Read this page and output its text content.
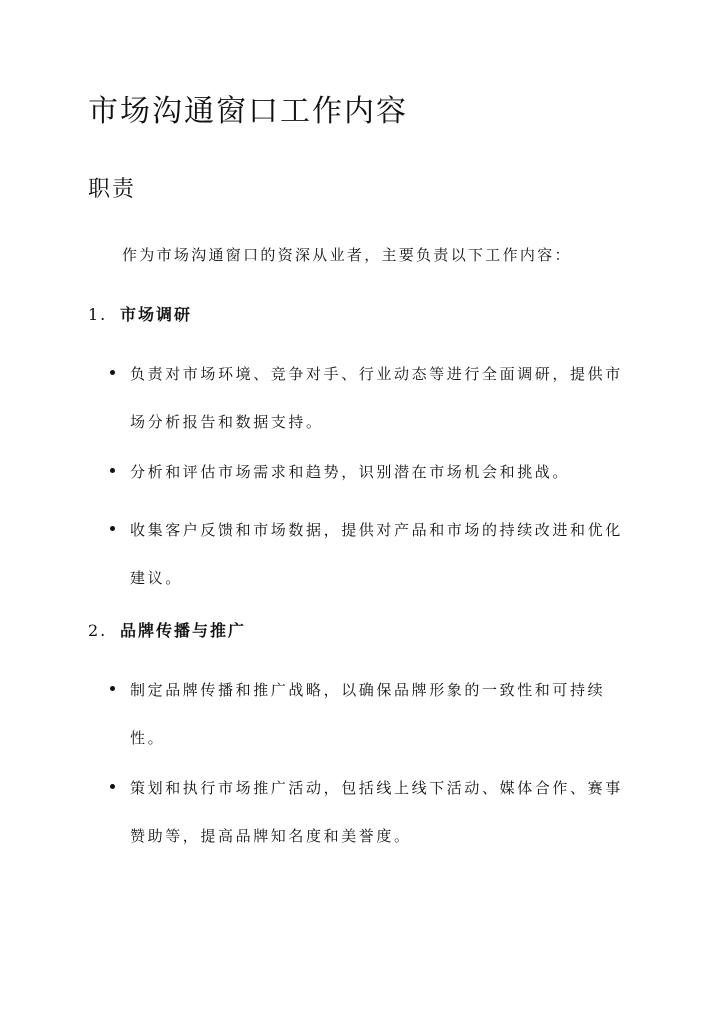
市场沟通窗口工作内容
职责

作为市场沟通窗口的资深从业者，主要负责以下工作内容：

1. 市场调研
负责对市场环境、竞争对手、行业动态等进行全面调研，提供市场分析报告和数据支持。
分析和评估市场需求和趋势，识别潜在市场机会和挑战。
收集客户反馈和市场数据，提供对产品和市场的持续改进和优化建议。
2. 品牌传播与推广
制定品牌传播和推广战略，以确保品牌形象的一致性和可持续性。
策划和执行市场推广活动，包括线上线下活动、媒体合作、赛事赞助等，提高品牌知名度和美誉度。
